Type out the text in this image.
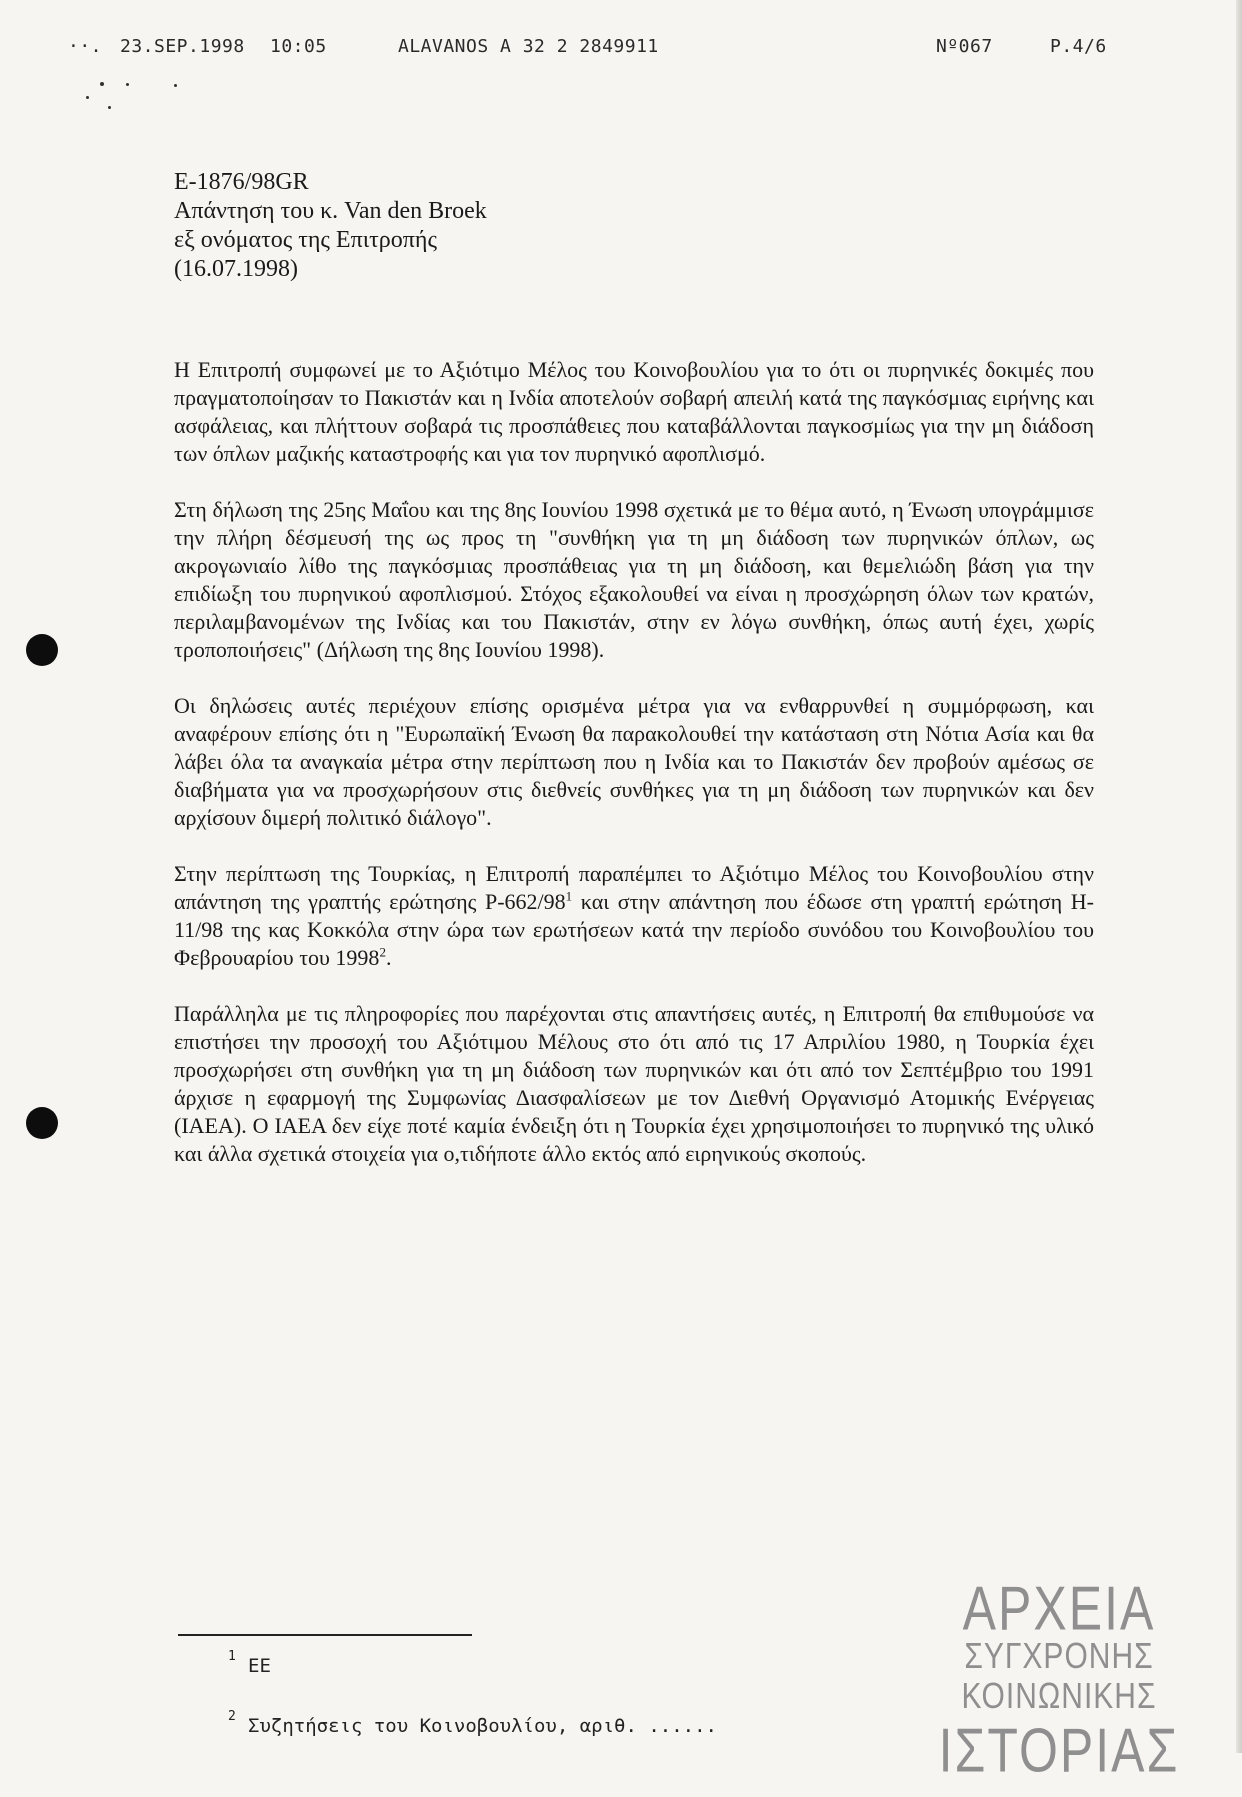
··. 23.SEP.1998 10:05	ALAVANOS A 32 2 2849911	Nº067	P.4/6
E-1876/98GR
Απάντηση του κ. Van den Broek
εξ ονόματος της Επιτροπής
(16.07.1998)

Η Επιτροπή συμφωνεί με το Αξιότιμο Μέλος του Κοινοβουλίου για το ότι οι πυρηνικές δοκιμές που πραγματοποίησαν το Πακιστάν και η Ινδία αποτελούν σοβαρή απειλή κατά της παγκόσμιας ειρήνης και ασφάλειας, και πλήττουν σοβαρά τις προσπάθειες που καταβάλλονται παγκοσμίως για την μη διάδοση των όπλων μαζικής καταστροφής και για τον πυρηνικό αφοπλισμό.

Στη δήλωση της 25ης Μαΐου και της 8ης Ιουνίου 1998 σχετικά με το θέμα αυτό, η Ένωση υπογράμμισε την πλήρη δέσμευσή της ως προς τη "συνθήκη για τη μη διάδοση των πυρηνικών όπλων, ως ακρογωνιαίο λίθο της παγκόσμιας προσπάθειας για τη μη διάδοση, και θεμελιώδη βάση για την επιδίωξη του πυρηνικού αφοπλισμού. Στόχος εξακολουθεί να είναι η προσχώρηση όλων των κρατών, περιλαμβανομένων της Ινδίας και του Πακιστάν, στην εν λόγω συνθήκη, όπως αυτή έχει, χωρίς τροποποιήσεις" (Δήλωση της 8ης Ιουνίου 1998).

Οι δηλώσεις αυτές περιέχουν επίσης ορισμένα μέτρα για να ενθαρρυνθεί η συμμόρφωση, και αναφέρουν επίσης ότι η "Ευρωπαϊκή Ένωση θα παρακολουθεί την κατάσταση στη Νότια Ασία και θα λάβει όλα τα αναγκαία μέτρα στην περίπτωση που η Ινδία και το Πακιστάν δεν προβούν αμέσως σε διαβήματα για να προσχωρήσουν στις διεθνείς συνθήκες για τη μη διάδοση των πυρηνικών και δεν αρχίσουν διμερή πολιτικό διάλογο".

Στην περίπτωση της Τουρκίας, η Επιτροπή παραπέμπει το Αξιότιμο Μέλος του Κοινοβουλίου στην απάντηση της γραπτής ερώτησης $P-662/98^1$ και στην απάντηση που έδωσε στη γραπτή ερώτηση H-11/98 της κας Κοκκόλα στην ώρα των ερωτήσεων κατά την περίοδο συνόδου του Κοινοβουλίου του Φεβρουαρίου του 1998$^2$.

Παράλληλα με τις πληροφορίες που παρέχονται στις απαντήσεις αυτές, η Επιτροπή θα επιθυμούσε να επιστήσει την προσοχή του Αξιότιμου Μέλους στο ότι από τις 17 Απριλίου 1980, η Τουρκία έχει προσχωρήσει στη συνθήκη για τη μη διάδοση των πυρηνικών και ότι από τον Σεπτέμβριο του 1991 άρχισε η εφαρμογή της Συμφωνίας Διασφαλίσεων με τον Διεθνή Οργανισμό Ατομικής Ενέργειας (ΙΑΕΑ). Ο ΙΑΕΑ δεν είχε ποτέ καμία ένδειξη ότι η Τουρκία έχει χρησιμοποιήσει το πυρηνικό της υλικό και άλλα σχετικά στοιχεία για ο,τιδήποτε άλλο εκτός από ειρηνικούς σκοπούς.

1 EE
2 Συζητήσεις του Κοινοβουλίου, αριθ. ......
ΑΡΧΕΙΑ
ΣΥΓΧΡΟΝΗΣ
ΚΟΙΝΩΝΙΚΗΣ
ΙΣΤΟΡΙΑΣ
